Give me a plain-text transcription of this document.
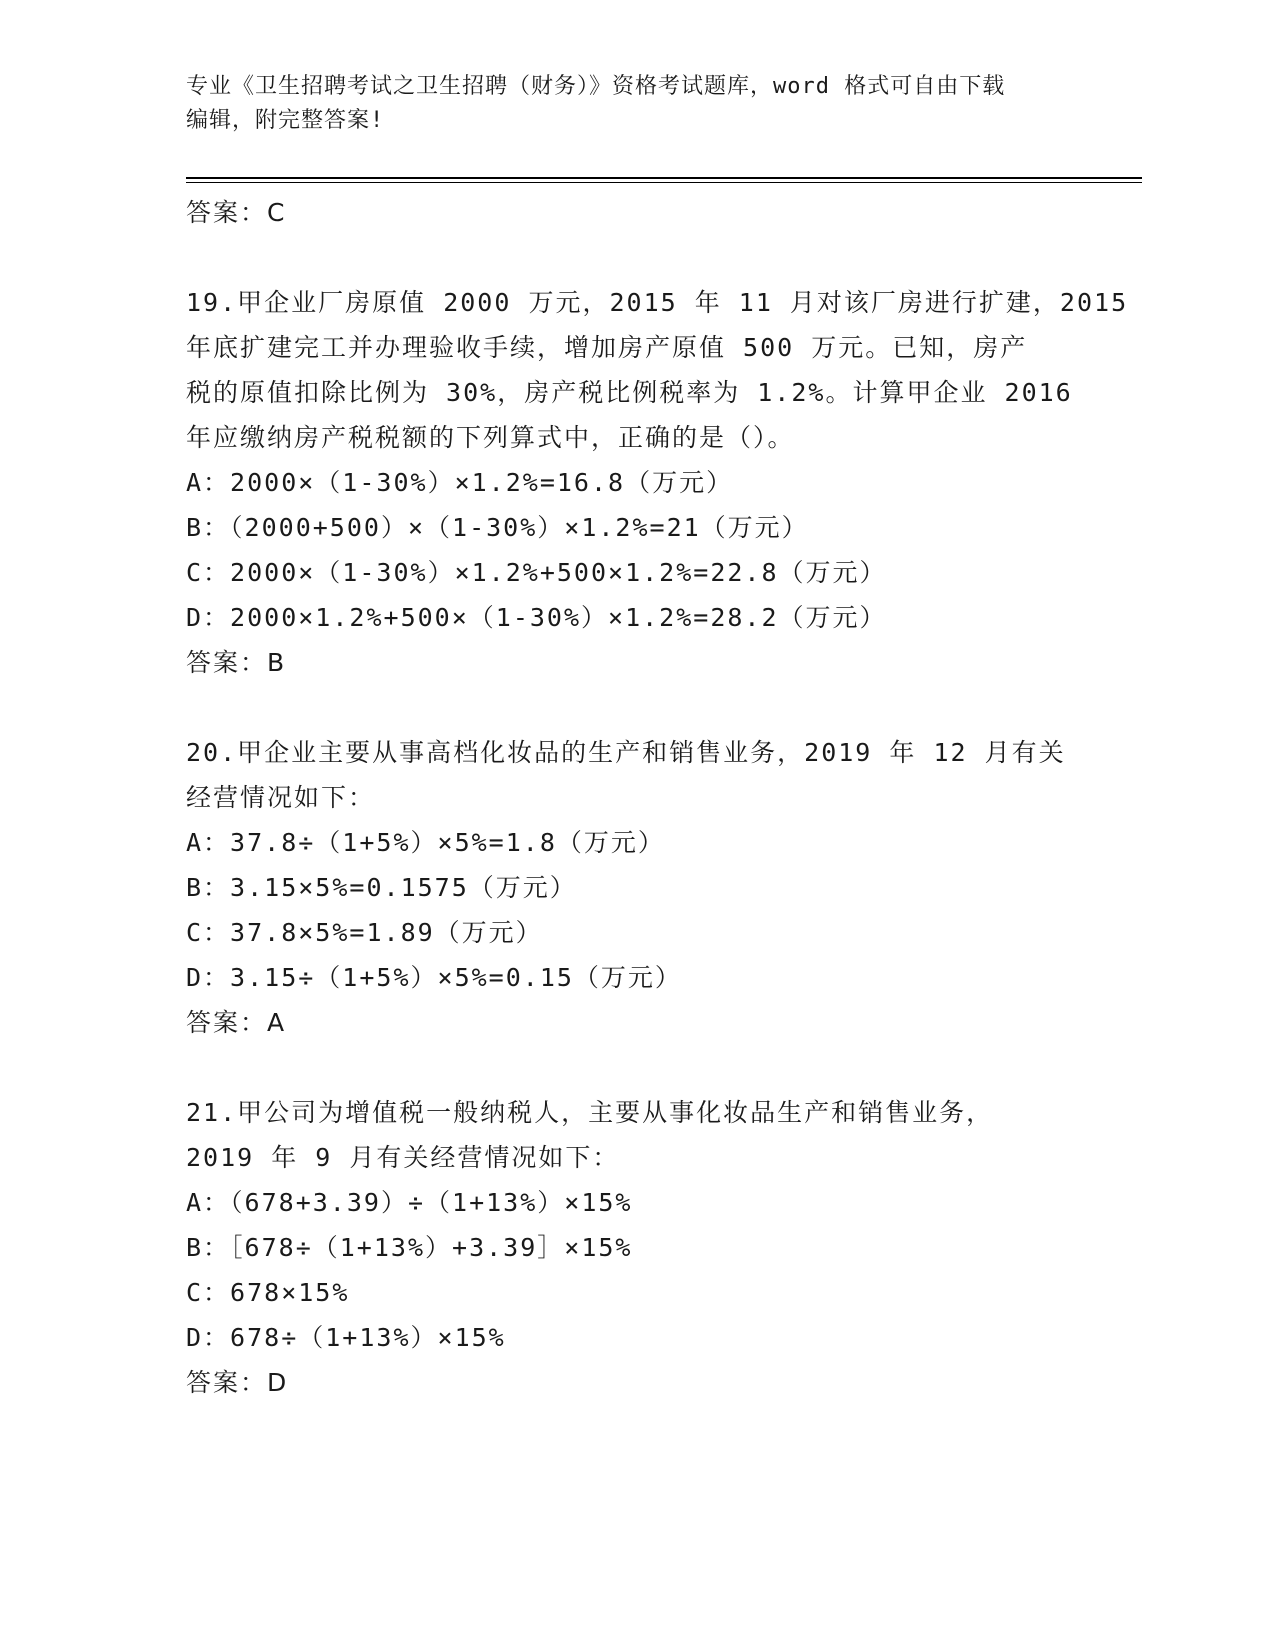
专业《卫生招聘考试之卫生招聘（财务）》资格考试题库，word 格式可自由下载
编辑，附完整答案!
答案：C
19.甲企业厂房原值 2000 万元，2015 年 11 月对该厂房进行扩建，2015
年底扩建完工并办理验收手续，增加房产原值 500 万元。已知，房产
税的原值扣除比例为 30%，房产税比例税率为 1.2%。计算甲企业 2016
年应缴纳房产税税额的下列算式中，正确的是（）。
A：2000×（1-30%）×1.2%=16.8（万元）
B：（2000+500）×（1-30%）×1.2%=21（万元）
C：2000×（1-30%）×1.2%+500×1.2%=22.8（万元）
D：2000×1.2%+500×（1-30%）×1.2%=28.2（万元）
答案：B
20.甲企业主要从事高档化妆品的生产和销售业务，2019 年 12 月有关
经营情况如下：
A：37.8÷（1+5%）×5%=1.8（万元）
B：3.15×5%=0.1575（万元）
C：37.8×5%=1.89（万元）
D：3.15÷（1+5%）×5%=0.15（万元）
答案：A
21.甲公司为增值税一般纳税人，主要从事化妆品生产和销售业务，
2019 年 9 月有关经营情况如下：
A：（678+3.39）÷（1+13%）×15%
B：［678÷（1+13%）+3.39］×15%
C：678×15%
D：678÷（1+13%）×15%
答案：D
